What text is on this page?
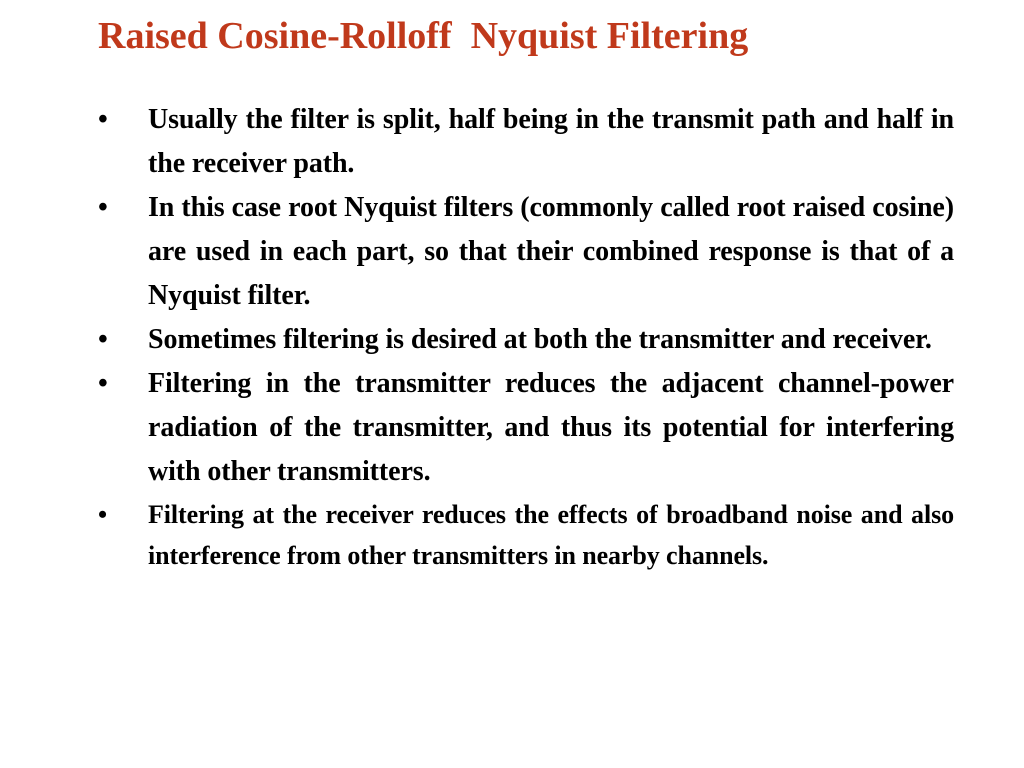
Raised Cosine-Rolloff  Nyquist Filtering
• Usually the filter is split, half being in the transmit path and half in the receiver path.
• In this case root Nyquist filters (commonly called root raised cosine) are used in each part, so that their combined response is that of a Nyquist filter.
• Sometimes filtering is desired at both the transmitter and receiver.
• Filtering in the transmitter reduces the adjacent channel-power radiation of the transmitter, and thus its potential for interfering with other transmitters.
• Filtering at the receiver reduces the effects of broadband noise and also interference from other transmitters in nearby channels.
